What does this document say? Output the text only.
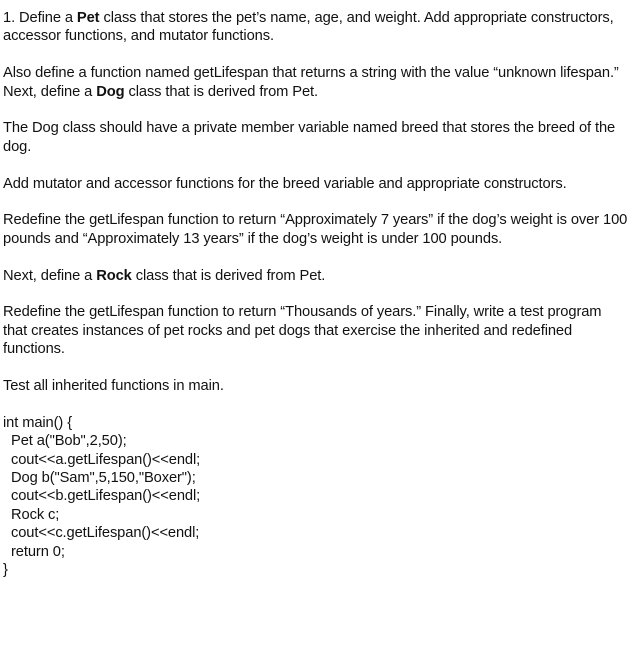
1. Define a Pet class that stores the pet’s name, age, and weight. Add appropriate constructors, accessor functions, and mutator functions.

Also define a function named getLifespan that returns a string with the value “unknown lifespan.” Next, define a Dog class that is derived from Pet.

The Dog class should have a private member variable named breed that stores the breed of the dog.

Add mutator and accessor functions for the breed variable and appropriate constructors.

Redefine the getLifespan function to return “Approximately 7 years” if the dog’s weight is over 100 pounds and “Approximately 13 years” if the dog’s weight is under 100 pounds.

Next, define a Rock class that is derived from Pet.

Redefine the getLifespan function to return “Thousands of years.” Finally, write a test program that creates instances of pet rocks and pet dogs that exercise the inherited and redefined functions.

Test all inherited functions in main.

int main() {
Pet a("Bob",2,50);
cout<<a.getLifespan()<<endl;
Dog b("Sam",5,150,"Boxer");
cout<<b.getLifespan()<<endl;
Rock c;
cout<<c.getLifespan()<<endl;
return 0;
}
